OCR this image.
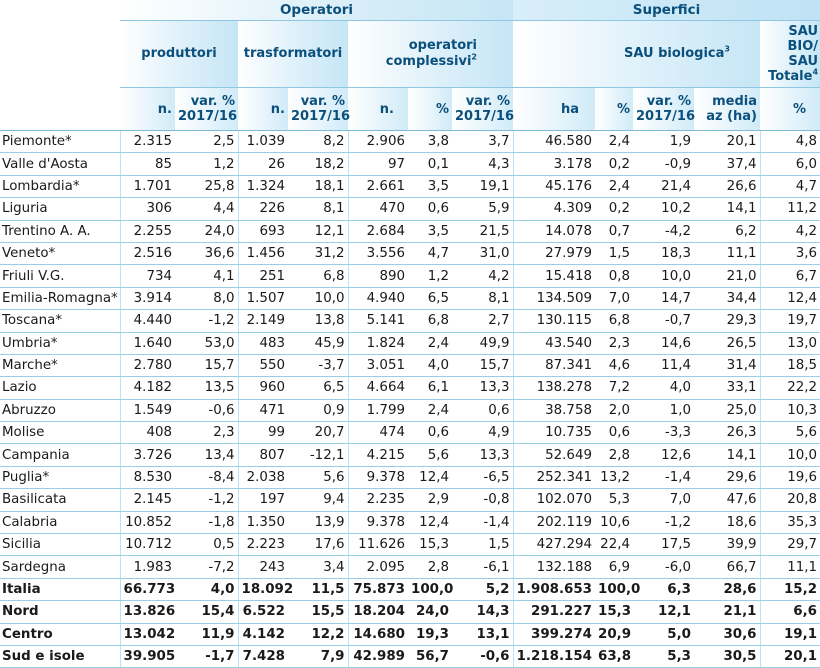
	Operatori							Superfici				
	produttori		trasformatori		operatori complessivi$^2$			SAU biologica$^3$				SAU BIO/ SAU Totale$^4$
	n.	var. % 2017/16	n.	var. % 2017/16	n.	%	var. % 2017/16	ha	%	var. % 2017/16	media az (ha)	%
Piemonte*	2.315	2,5	1.039	8,2	2.906	3,8	3,7	46.580	2,4	1,9	20,1	4,8
Valle d'Aosta	85	1,2	26	18,2	97	0,1	4,3	3.178	0,2	-0,9	37,4	6,0
Lombardia*	1.701	25,8	1.324	18,1	2.661	3,5	19,1	45.176	2,4	21,4	26,6	4,7
Liguria	306	4,4	226	8,1	470	0,6	5,9	4.309	0,2	10,2	14,1	11,2
Trentino A. A.	2.255	24,0	693	12,1	2.684	3,5	21,5	14.078	0,7	-4,2	6,2	4,2
Veneto*	2.516	36,6	1.456	31,2	3.556	4,7	31,0	27.979	1,5	18,3	11,1	3,6
Friuli V.G.	734	4,1	251	6,8	890	1,2	4,2	15.418	0,8	10,0	21,0	6,7
Emilia-Romagna*	3.914	8,0	1.507	10,0	4.940	6,5	8,1	134.509	7,0	14,7	34,4	12,4
Toscana*	4.440	-1,2	2.149	13,8	5.141	6,8	2,7	130.115	6,8	-0,7	29,3	19,7
Umbria*	1.640	53,0	483	45,9	1.824	2,4	49,9	43.540	2,3	14,6	26,5	13,0
Marche*	2.780	15,7	550	-3,7	3.051	4,0	15,7	87.341	4,6	11,4	31,4	18,5
Lazio	4.182	13,5	960	6,5	4.664	6,1	13,3	138.278	7,2	4,0	33,1	22,2
Abruzzo	1.549	-0,6	471	0,9	1.799	2,4	0,6	38.758	2,0	1,0	25,0	10,3
Molise	408	2,3	99	20,7	474	0,6	4,9	10.735	0,6	-3,3	26,3	5,6
Campania	3.726	13,4	807	-12,1	4.215	5,6	13,3	52.649	2,8	12,6	14,1	10,0
Puglia*	8.530	-8,4	2.038	5,6	9.378	12,4	-6,5	252.341	13,2	-1,4	29,6	19,6
Basilicata	2.145	-1,2	197	9,4	2.235	2,9	-0,8	102.070	5,3	7,0	47,6	20,8
Calabria	10.852	-1,8	1.350	13,9	9.378	12,4	-1,4	202.119	10,6	-1,2	18,6	35,3
Sicilia	10.712	0,5	2.223	17,6	11.626	15,3	1,5	427.294	22,4	17,5	39,9	29,7
Sardegna	1.983	-7,2	243	3,4	2.095	2,8	-6,1	132.188	6,9	-6,0	66,7	11,1
Italia	66.773	4,0	18.092	11,5	75.873	100,0	5,2	1.908.653	100,0	6,3	28,6	15,2
Nord	13.826	15,4	6.522	15,5	18.204	24,0	14,3	291.227	15,3	12,1	21,1	6,6
Centro	13.042	11,9	4.142	12,2	14.680	19,3	13,1	399.274	20,9	5,0	30,6	19,1
Sud e isole	39.905	-1,7	7.428	7,9	42.989	56,7	-0,6	1.218.154	63,8	5,3	30,5	20,1
